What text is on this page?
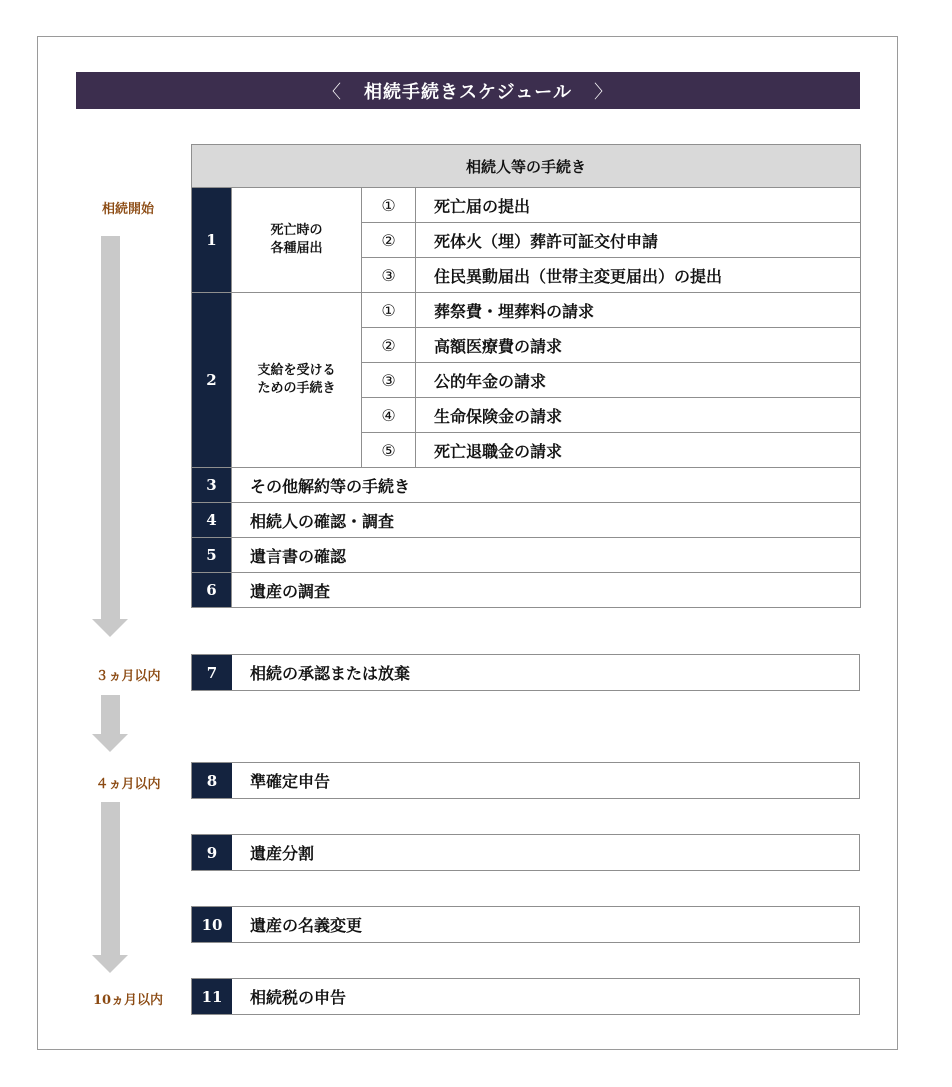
〈 相続手続きスケジュール 〉
相続開始
３ヵ月以内
４ヵ月以内
10ヵ月以内
相続人等の手続き			
1	死亡時の
各種届出	①	死亡届の提出
		②	死体火（埋）葬許可証交付申請
		③	住民異動届出（世帯主変更届出）の提出
2	支給を受ける
ための手続き	①	葬祭費・埋葬料の請求
		②	高額医療費の請求
		③	公的年金の請求
		④	生命保険金の請求
		⑤	死亡退職金の請求
3	その他解約等の手続き		
4	相続人の確認・調査		
5	遺言書の確認		
6	遺産の調査		
7	相続の承認または放棄
8	準確定申告
9	遺産分割
10	遺産の名義変更
11	相続税の申告
